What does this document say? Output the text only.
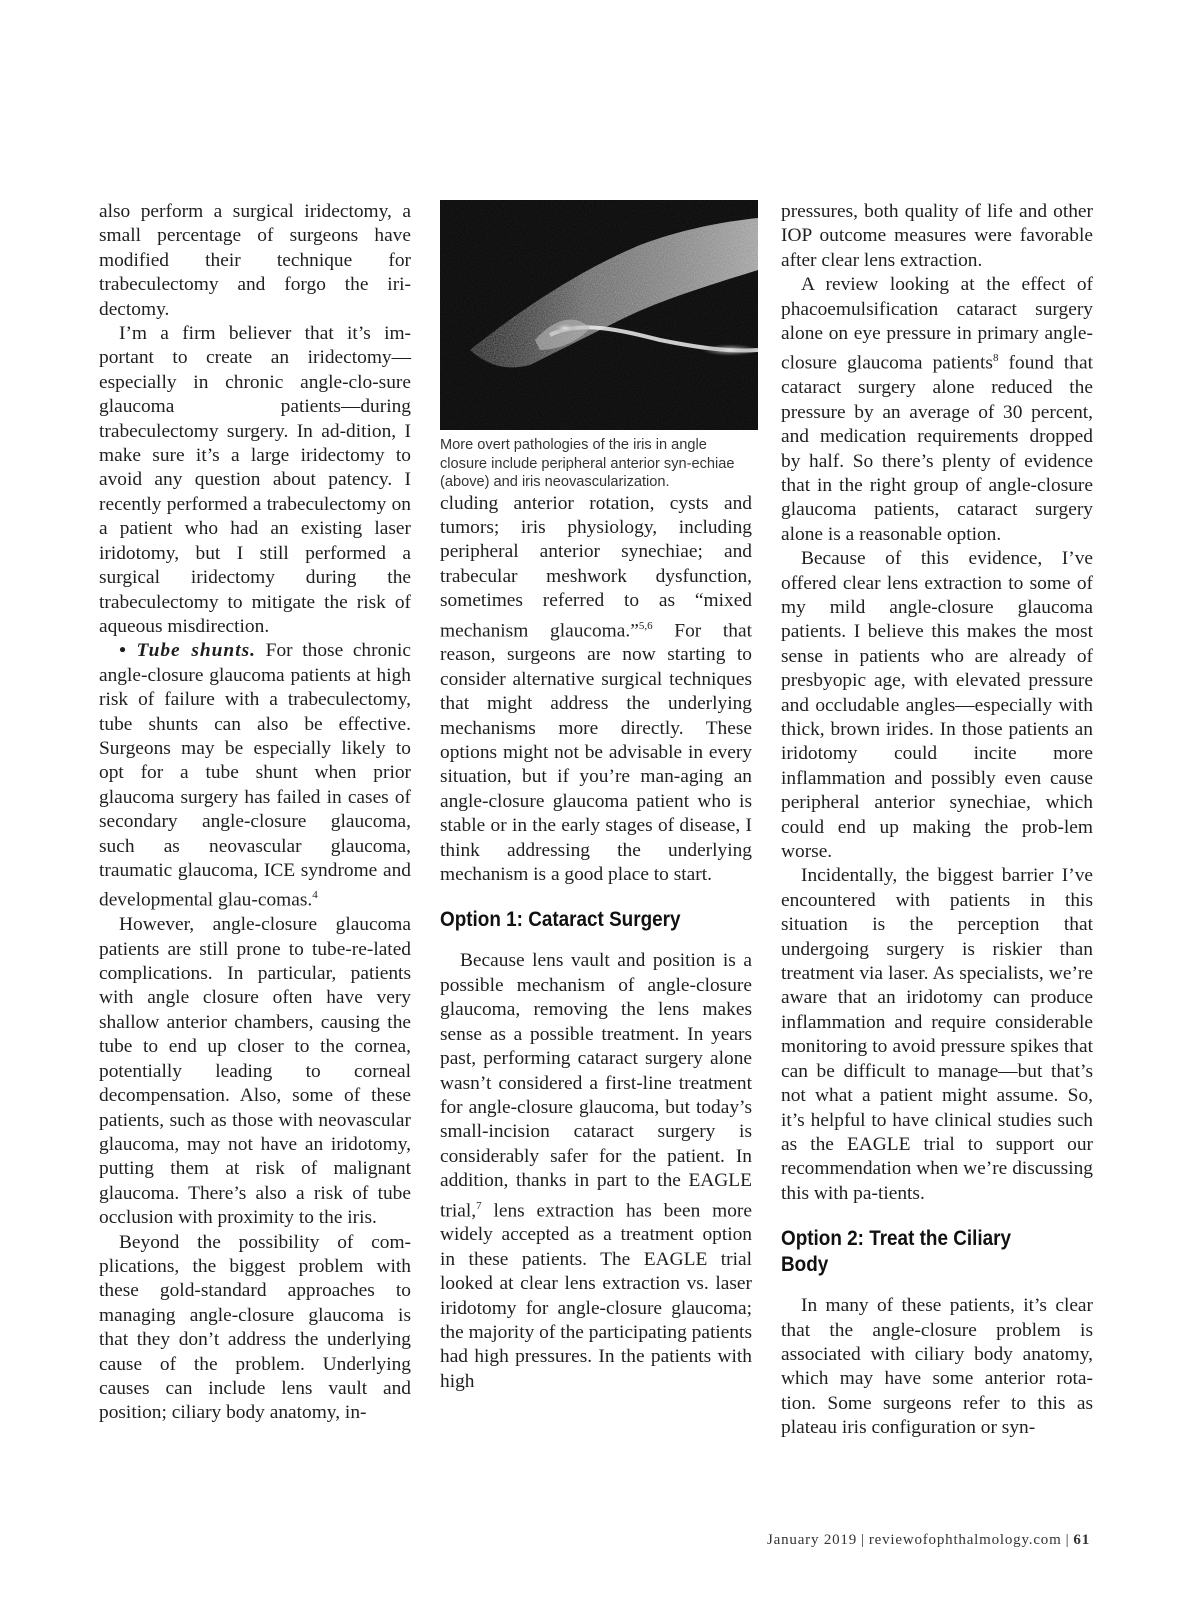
also perform a surgical iridectomy, a small percentage of surgeons have modified their technique for trabeculectomy and forgo the iri-dectomy.

I’m a firm believer that it’s im-portant to create an iridectomy—especially in chronic angle-clo-sure glaucoma patients—during trabeculectomy surgery. In ad-dition, I make sure it’s a large iridectomy to avoid any question about patency. I recently performed a trabeculectomy on a patient who had an existing laser iridotomy, but I still performed a surgical iridectomy during the trabeculectomy to mitigate the risk of aqueous misdirection.

• Tube shunts. For those chronic angle-closure glaucoma patients at high risk of failure with a trabeculectomy, tube shunts can also be effective. Surgeons may be especially likely to opt for a tube shunt when prior glaucoma surgery has failed in cases of secondary angle-closure glaucoma, such as neovascular glaucoma, traumatic glaucoma, ICE syndrome and developmental glau-comas.$^4$

However, angle-closure glaucoma patients are still prone to tube-re-lated complications. In particular, patients with angle closure often have very shallow anterior chambers, causing the tube to end up closer to the cornea, potentially leading to corneal decompensation. Also, some of these patients, such as those with neovascular glaucoma, may not have an iridotomy, putting them at risk of malignant glaucoma. There’s also a risk of tube occlusion with proximity to the iris.

Beyond the possibility of com-plications, the biggest problem with these gold-standard approaches to managing angle-closure glaucoma is that they don’t address the underlying cause of the problem. Underlying causes can include lens vault and position; ciliary body anatomy, in-

More overt pathologies of the iris in angle closure include peripheral anterior syn-echiae (above) and iris neovascularization.

cluding anterior rotation, cysts and tumors; iris physiology, including peripheral anterior synechiae; and trabecular meshwork dysfunction, sometimes referred to as “mixed mechanism glaucoma.”$^{5,6}$ For that reason, surgeons are now starting to consider alternative surgical techniques that might address the underlying mechanisms more directly. These options might not be advisable in every situation, but if you’re man-aging an angle-closure glaucoma patient who is stable or in the early stages of disease, I think addressing the underlying mechanism is a good place to start.

Option 1: Cataract Surgery

Because lens vault and position is a possible mechanism of angle-closure glaucoma, removing the lens makes sense as a possible treatment. In years past, performing cataract surgery alone wasn’t considered a first-line treatment for angle-closure glaucoma, but today’s small-incision cataract surgery is considerably safer for the patient. In addition, thanks in part to the EAGLE trial,$^7$ lens extraction has been more widely accepted as a treatment option in these patients. The EAGLE trial looked at clear lens extraction vs. laser iridotomy for angle-closure glaucoma; the majority of the participating patients had high pressures. In the patients with high

pressures, both quality of life and other IOP outcome measures were favorable after clear lens extraction.

A review looking at the effect of phacoemulsification cataract surgery alone on eye pressure in primary angle-closure glaucoma patients$^8$ found that cataract surgery alone reduced the pressure by an average of 30 percent, and medication requirements dropped by half. So there’s plenty of evidence that in the right group of angle-closure glaucoma patients, cataract surgery alone is a reasonable option.

Because of this evidence, I’ve offered clear lens extraction to some of my mild angle-closure glaucoma patients. I believe this makes the most sense in patients who are already of presbyopic age, with elevated pressure and occludable angles—especially with thick, brown irides. In those patients an iridotomy could incite more inflammation and possibly even cause peripheral anterior synechiae, which could end up making the prob-lem worse.

Incidentally, the biggest barrier I’ve encountered with patients in this situation is the perception that undergoing surgery is riskier than treatment via laser. As specialists, we’re aware that an iridotomy can produce inflammation and require considerable monitoring to avoid pressure spikes that can be difficult to manage—but that’s not what a patient might assume. So, it’s helpful to have clinical studies such as the EAGLE trial to support our recommendation when we’re discussing this with pa-tients.

Option 2: Treat the Ciliary Body

In many of these patients, it’s clear that the angle-closure problem is associated with ciliary body anatomy, which may have some anterior rota-tion. Some surgeons refer to this as plateau iris configuration or syn-

January 2019 | reviewofophthalmology.com | 61
